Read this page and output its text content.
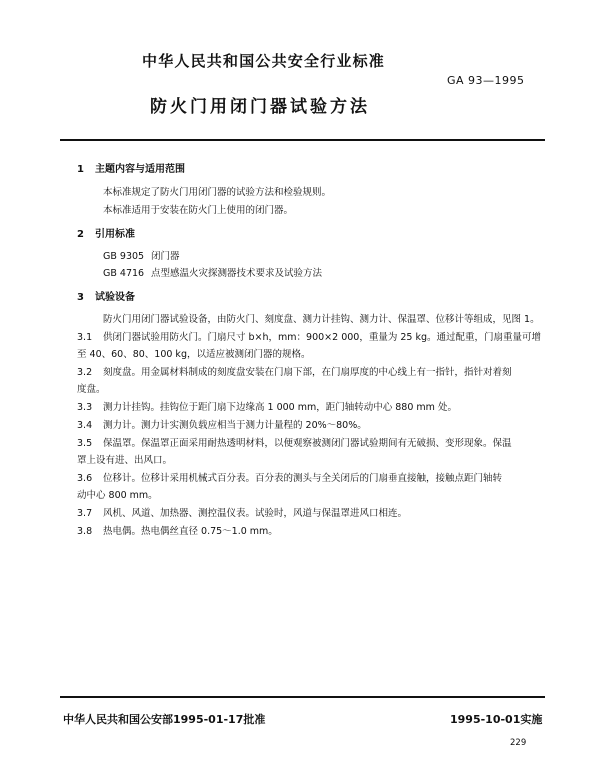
中华人民共和国公共安全行业标准
GA 93—1995
防火门用闭门器试验方法
1 主题内容与适用范围
本标准规定了防火门用闭门器的试验方法和检验规则。
本标准适用于安装在防火门上使用的闭门器。
2 引用标准
GB 9305 闭门器
GB 4716 点型感温火灾探测器技术要求及试验方法
3 试验设备
防火门用闭门器试验设备，由防火门、刻度盘、测力计挂钩、测力计、保温罩、位移计等组成，见图 1。
3.1 供闭门器试验用防火门。门扇尺寸 b×h，mm：900×2 000，重量为 25 kg。通过配重，门扇重量可增
至 40、60、80、100 kg，以适应被测闭门器的规格。
3.2 刻度盘。用金属材料制成的刻度盘安装在门扇下部，在门扇厚度的中心线上有一指针，指针对着刻
度盘。
3.3 测力计挂钩。挂钩位于距门扇下边缘高 1 000 mm，距门轴转动中心 880 mm 处。
3.4 测力计。测力计实测负载应相当于测力计量程的 20%～80%。
3.5 保温罩。保温罩正面采用耐热透明材料，以便观察被测闭门器试验期间有无破损、变形现象。保温
罩上设有进、出风口。
3.6 位移计。位移计采用机械式百分表。百分表的测头与全关闭后的门扇垂直接触，接触点距门轴转
动中心 800 mm。
3.7 风机、风道、加热器、测控温仪表。试验时，风道与保温罩进风口相连。
3.8 热电偶。热电偶丝直径 0.75～1.0 mm。
中华人民共和国公安部1995-01-17批准	1995-10-01实施
229
